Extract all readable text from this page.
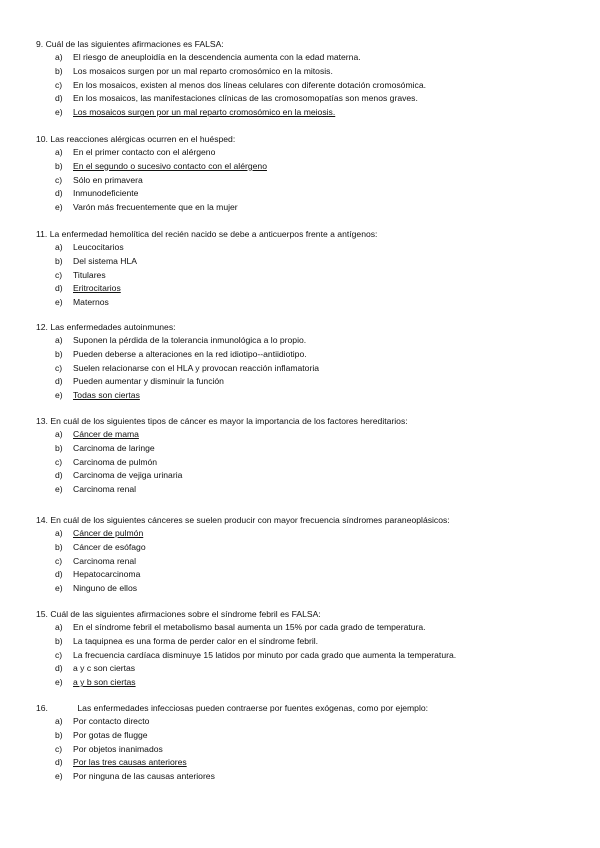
9. Cuál de las siguientes afirmaciones es FALSA:
a) El riesgo de aneuploidía en la descendencia aumenta con la edad materna.
b) Los mosaicos surgen por un mal reparto cromosómico en la mitosis.
c) En los mosaicos, existen al menos dos líneas celulares con diferente dotación cromosómica.
d) En los mosaicos, las manifestaciones clínicas de las cromosomopatías son menos graves.
e) Los mosaicos surgen por un mal reparto cromosómico en la meiosis.
10. Las reacciones alérgicas ocurren en el huésped:
a) En el primer contacto con el alérgeno
b) En el segundo o sucesivo contacto con el alérgeno
c) Sólo en primavera
d) Inmunodeficiente
e) Varón más frecuentemente que en la mujer
11. La enfermedad hemolítica del recién nacido se debe a anticuerpos frente a antígenos:
a) Leucocitarios
b) Del sistema HLA
c) Titulares
d) Eritrocitarios
e) Maternos
12. Las enfermedades autoinmunes:
a) Suponen la pérdida de la tolerancia inmunológica a lo propio.
b) Pueden deberse a alteraciones en la red idiotipo--antiidiotipo.
c) Suelen relacionarse con el HLA y provocan reacción inflamatoria
d) Pueden aumentar y disminuir la función
e) Todas son ciertas
13. En cuál de los siguientes tipos de cáncer es mayor la importancia de los factores hereditarios:
a) Cáncer de mama
b) Carcinoma de laringe
c) Carcinoma de pulmón
d) Carcinoma de vejiga urinaria
e) Carcinoma renal
14. En cuál de los siguientes cánceres se suelen producir con mayor frecuencia síndromes paraneoplásicos:
a) Cáncer de pulmón
b) Cáncer de esófago
c) Carcinoma renal
d) Hepatocarcinoma
e) Ninguno de ellos
15. Cuál de las siguientes afirmaciones sobre el síndrome febril es FALSA:
a) En el síndrome febril el metabolismo basal aumenta un 15% por cada grado de temperatura.
b) La taquipnea es una forma de perder calor en el síndrome febril.
c) La frecuencia cardíaca disminuye 15 latidos por minuto por cada grado que aumenta la temperatura.
d) a y c son ciertas
e) a y b son ciertas
16.	Las enfermedades infecciosas pueden contraerse por fuentes exógenas, como por ejemplo:
a) Por contacto directo
b) Por gotas de flugge
c) Por objetos inanimados
d) Por las tres causas anteriores
e) Por ninguna de las causas anteriores
